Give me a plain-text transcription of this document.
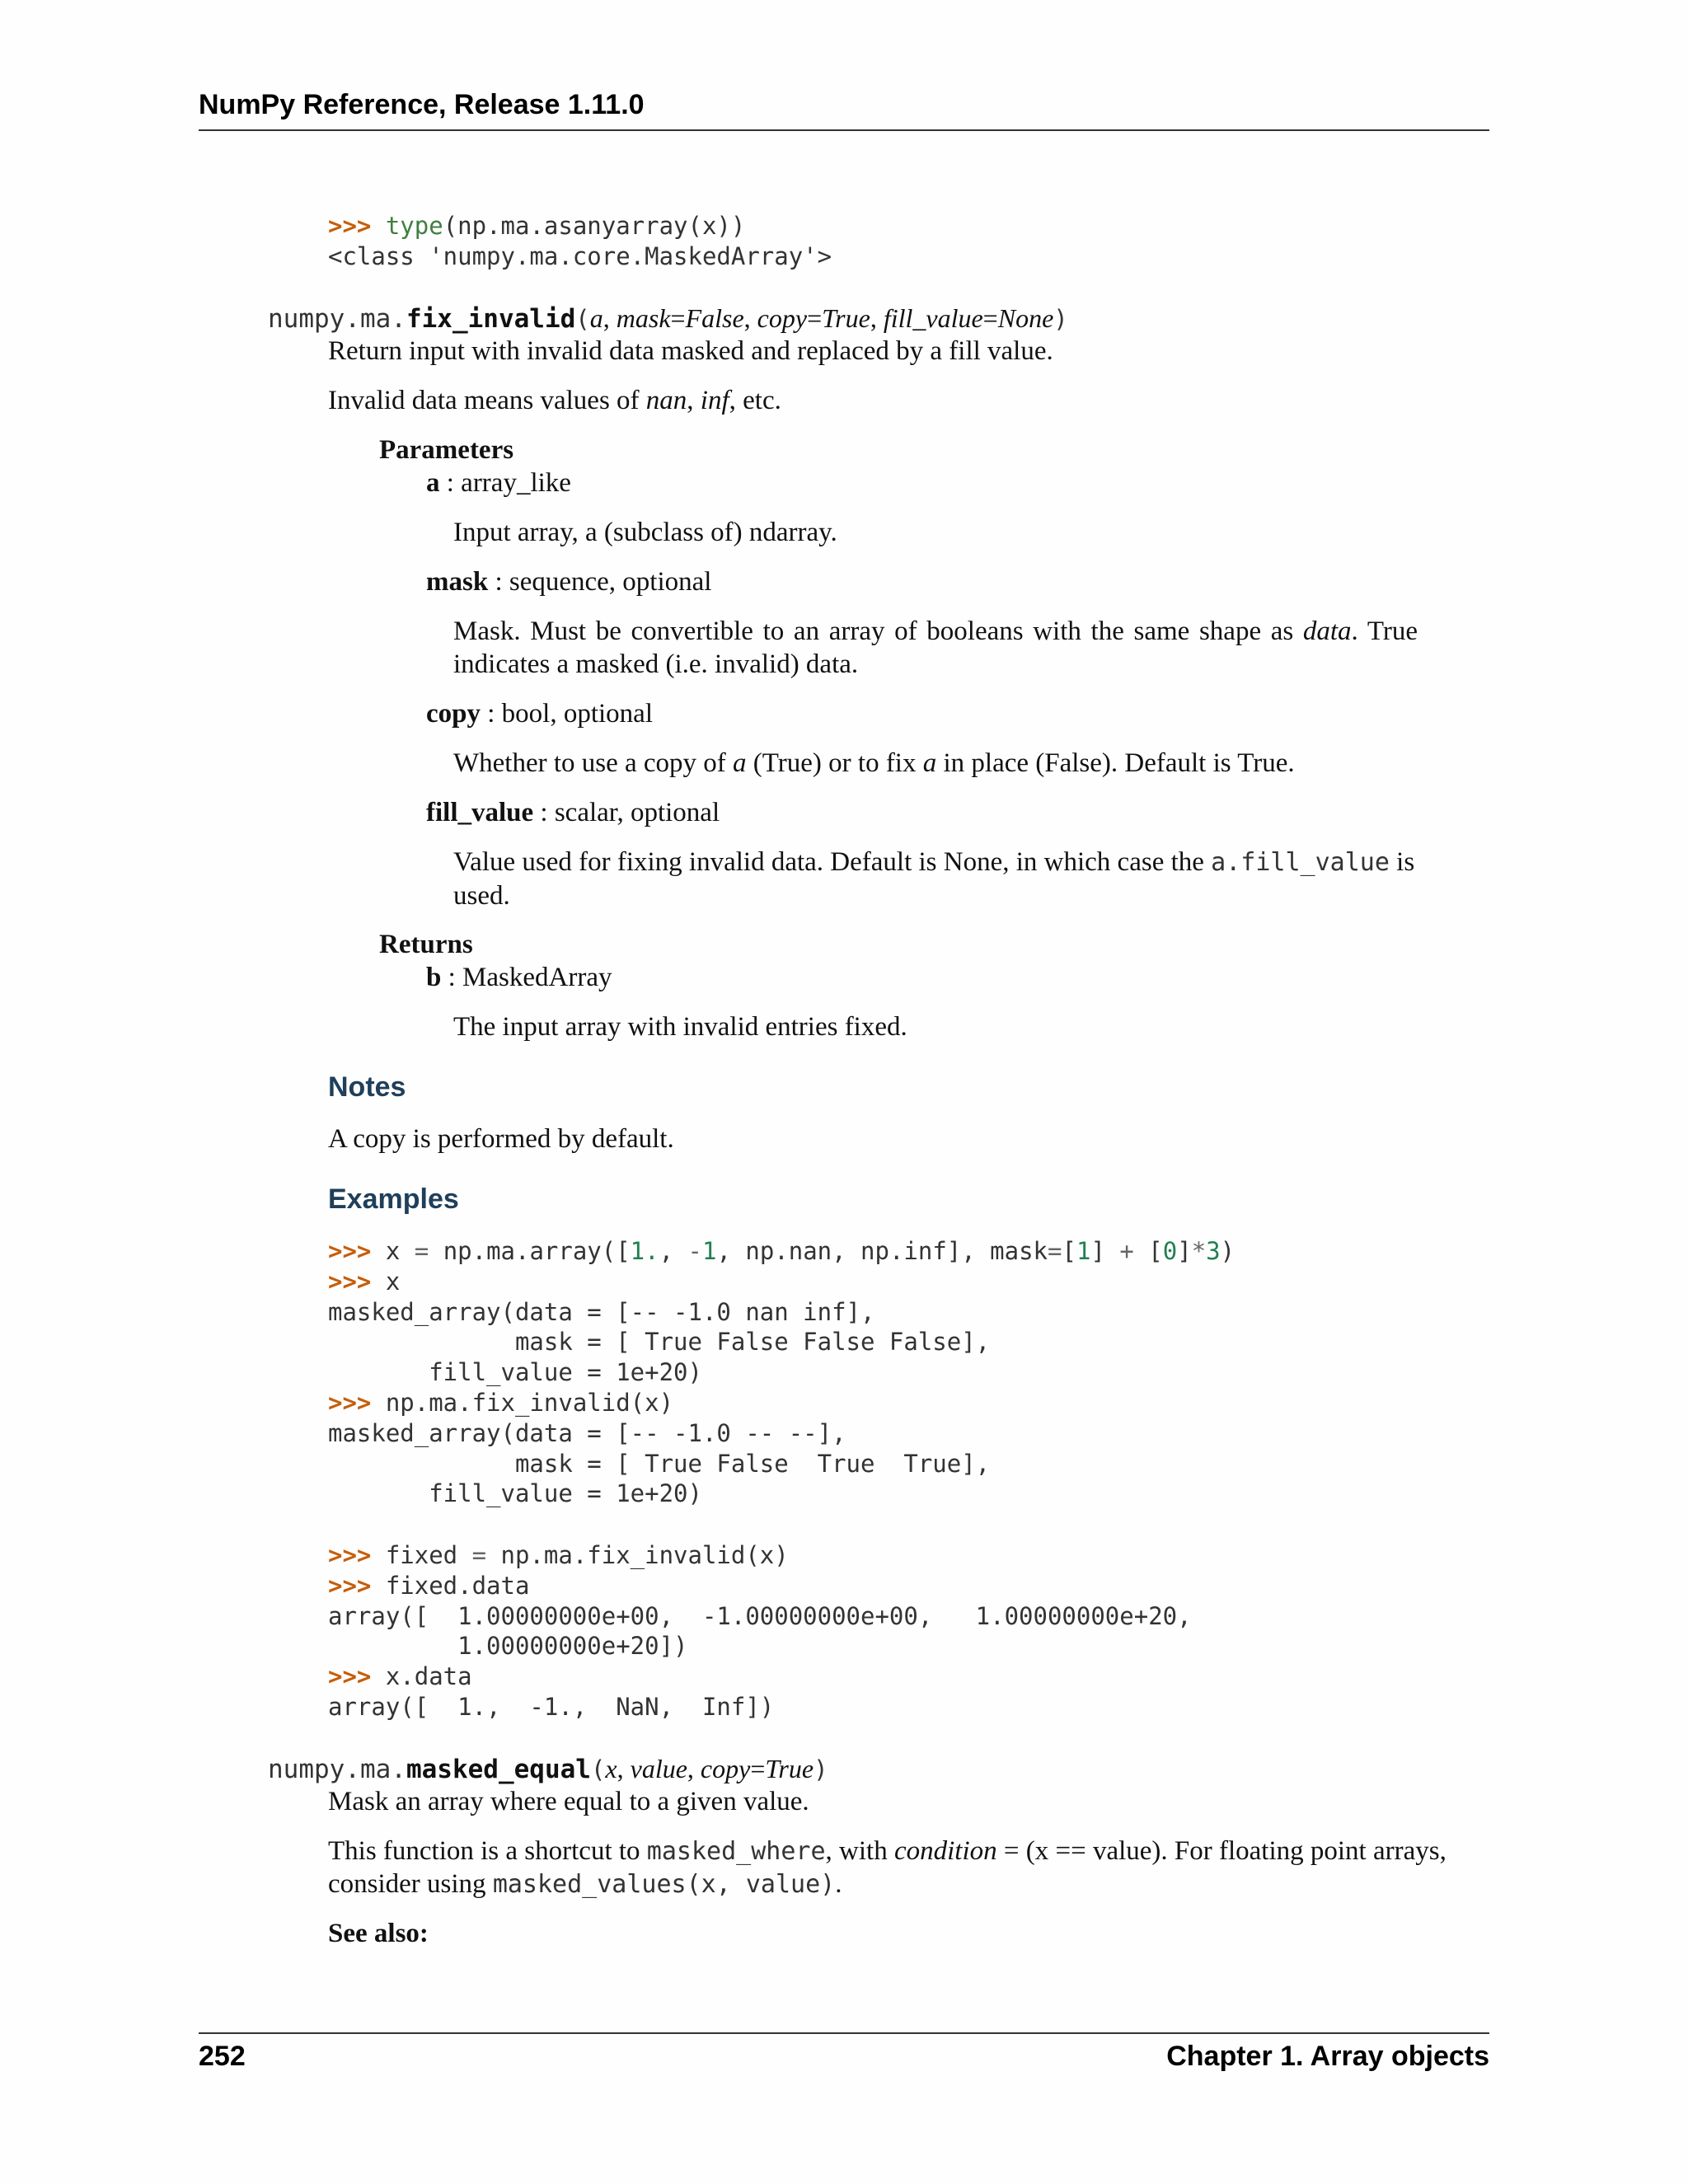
NumPy Reference, Release 1.11.0
>>> type(np.ma.asanyarray(x))
<class 'numpy.ma.core.MaskedArray'>
numpy.ma.fix_invalid(a, mask=False, copy=True, fill_value=None)
Return input with invalid data masked and replaced by a fill value.
Invalid data means values of nan, inf, etc.
Parameters
a : array_like
Input array, a (subclass of) ndarray.
mask : sequence, optional
Mask. Must be convertible to an array of booleans with the same shape as data. True indicates a masked (i.e. invalid) data.
copy : bool, optional
Whether to use a copy of a (True) or to fix a in place (False). Default is True.
fill_value : scalar, optional
Value used for fixing invalid data. Default is None, in which case the a.fill_value is used.
Returns
b : MaskedArray
The input array with invalid entries fixed.
Notes
A copy is performed by default.
Examples
>>> x = np.ma.array([1., -1, np.nan, np.inf], mask=[1] + [0]*3)
>>> x
masked_array(data = [-- -1.0 nan inf],
mask = [ True False False False],
fill_value = 1e+20)
>>> np.ma.fix_invalid(x)
masked_array(data = [-- -1.0 -- --],
mask = [ True False  True  True],
fill_value = 1e+20)
>>> fixed = np.ma.fix_invalid(x)
>>> fixed.data
array([  1.00000000e+00,  -1.00000000e+00,   1.00000000e+20,
1.00000000e+20])
>>> x.data
array([  1.,  -1.,  NaN,  Inf])
numpy.ma.masked_equal(x, value, copy=True)
Mask an array where equal to a given value.
This function is a shortcut to masked_where, with condition = (x == value). For floating point arrays,
consider using masked_values(x, value).
See also:
252	Chapter 1. Array objects
